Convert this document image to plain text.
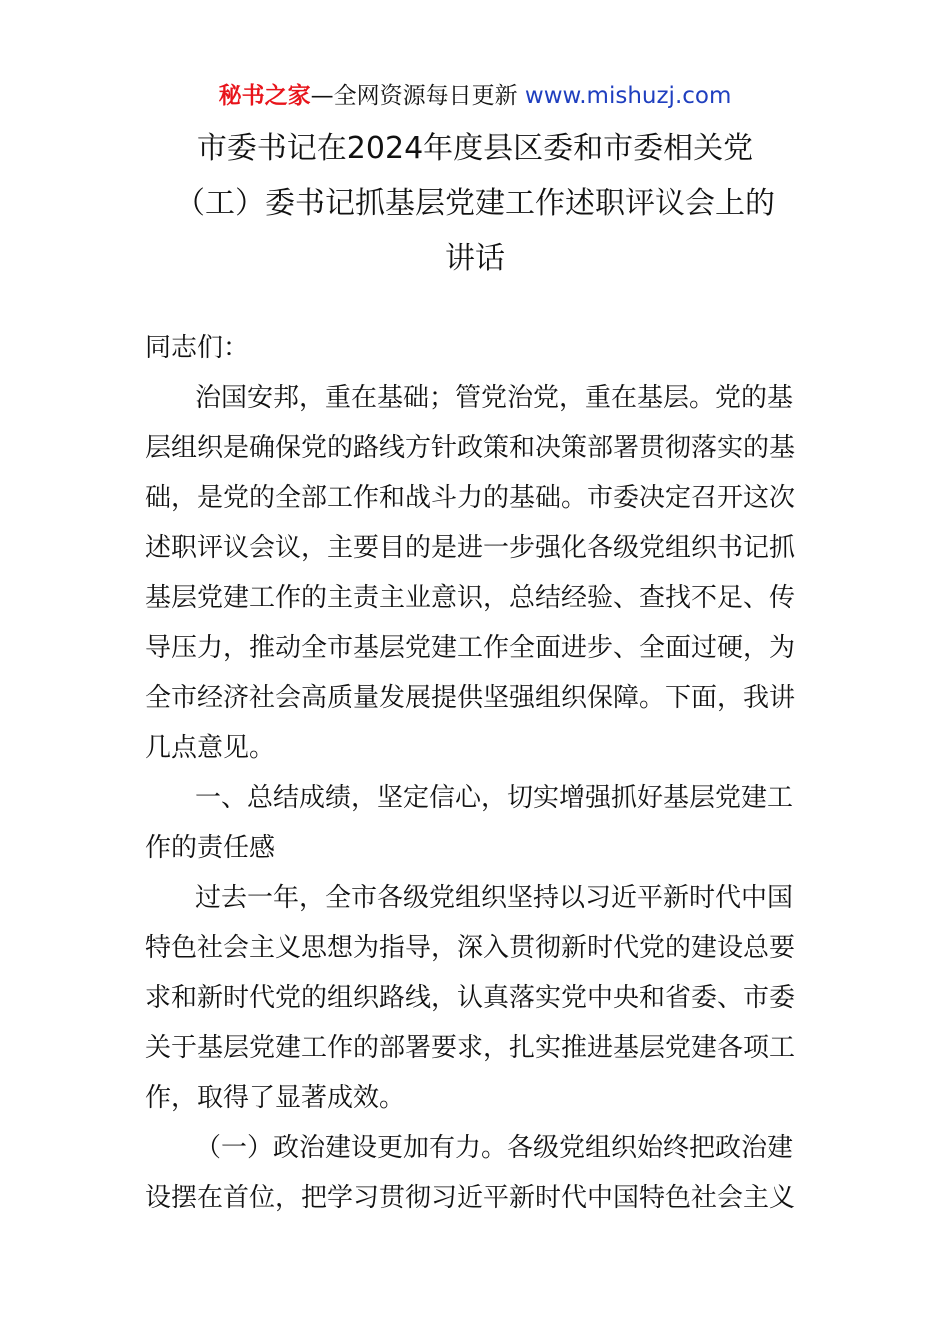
秘书之家—全网资源每日更新 www.mishuzj.com
市委书记在2024年度县区委和市委相关党
（工）委书记抓基层党建工作述职评议会上的
讲话
同志们：
治国安邦，重在基础；管党治党，重在基层。党的基
层组织是确保党的路线方针政策和决策部署贯彻落实的基
础，是党的全部工作和战斗力的基础。市委决定召开这次
述职评议会议，主要目的是进一步强化各级党组织书记抓
基层党建工作的主责主业意识，总结经验、查找不足、传
导压力，推动全市基层党建工作全面进步、全面过硬，为
全市经济社会高质量发展提供坚强组织保障。下面，我讲
几点意见。
一、总结成绩，坚定信心，切实增强抓好基层党建工
作的责任感
过去一年，全市各级党组织坚持以习近平新时代中国
特色社会主义思想为指导，深入贯彻新时代党的建设总要
求和新时代党的组织路线，认真落实党中央和省委、市委
关于基层党建工作的部署要求，扎实推进基层党建各项工
作，取得了显著成效。
（一）政治建设更加有力。各级党组织始终把政治建
设摆在首位，把学习贯彻习近平新时代中国特色社会主义
